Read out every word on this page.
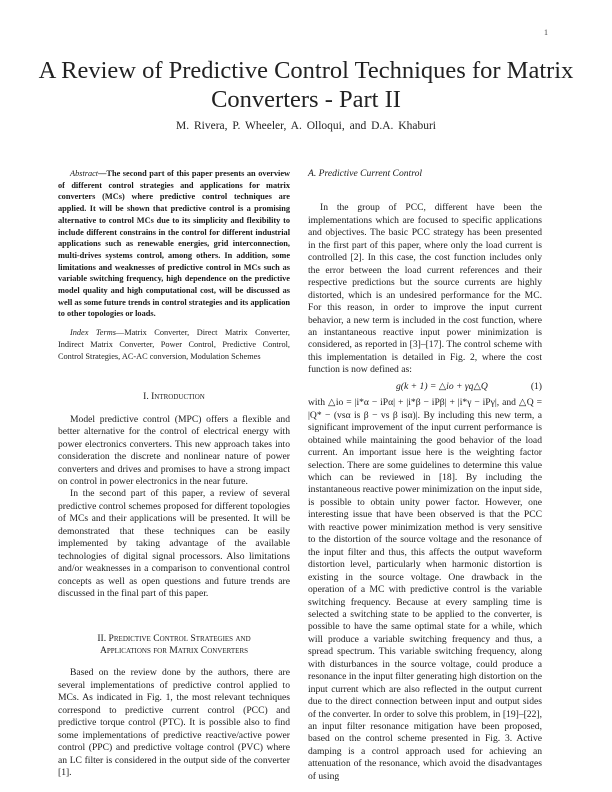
1
A Review of Predictive Control Techniques for Matrix Converters - Part II
M. Rivera, P. Wheeler, A. Olloqui, and D.A. Khaburi

Abstract—The second part of this paper presents an overview of different control strategies and applications for matrix converters (MCs) where predictive control techniques are applied. It will be shown that predictive control is a promising alternative to control MCs due to its simplicity and flexibility to include different constrains in the control for different industrial applications such as renewable energies, grid interconnection, multi-drives systems control, among others. In addition, some limitations and weaknesses of predictive control in MCs such as variable switching frequency, high dependence on the predictive model quality and high computational cost, will be discussed as well as some future trends in control strategies and its application to other topologies or loads.

Index Terms—Matrix Converter, Direct Matrix Converter, Indirect Matrix Converter, Power Control, Predictive Control, Control Strategies, AC-AC conversion, Modulation Schemes

I. Introduction

Model predictive control (MPC) offers a flexible and better alternative for the control of electrical energy with power electronics converters. This new approach takes into consideration the discrete and nonlinear nature of power converters and drives and promises to have a strong impact on control in power electronics in the near future.

In the second part of this paper, a review of several predictive control schemes proposed for different topologies of MCs and their applications will be presented. It will be demonstrated that these techniques can be easily implemented by taking advantage of the available technologies of digital signal processors. Also limitations and/or weaknesses in a comparison to conventional control concepts as well as open questions and future trends are discussed in the final part of this paper.

II. Predictive Control Strategies and
Applications for Matrix Converters

Based on the review done by the authors, there are several implementations of predictive control applied to MCs. As indicated in Fig. 1, the most relevant techniques correspond to predictive current control (PCC) and predictive torque control (PTC). It is possible also to find some implementations of predictive reactive/active power control (PPC) and predictive voltage control (PVC) where an LC filter is considered in the output side of the converter [1].

A. Predictive Current Control

In the group of PCC, different have been the implementations which are focused to specific applications and objectives. The basic PCC strategy has been presented in the first part of this paper, where only the load current is controlled [2]. In this case, the cost function includes only the error between the load current references and their respective predictions but the source currents are highly distorted, which is an undesired performance for the MC. For this reason, in order to improve the input current behavior, a new term is included in the cost function, where an instantaneous reactive input power minimization is considered, as reported in [3]–[17]. The control scheme with this implementation is detailed in Fig. 2, where the cost function is now defined as:

g(k + 1) = △io + γq△Q	(1)

with △io = |i*α − iPα| + |i*β − iPβ| + |i*γ − iPγ|, and △Q = |Q* − (vsα is β − vs β isα)|. By including this new term, a significant improvement of the input current performance is obtained while maintaining the good behavior of the load current. An important issue here is the weighting factor selection. There are some guidelines to determine this value which can be reviewed in [18]. By including the instantaneous reactive power minimization on the input side, is possible to obtain unity power factor. However, one interesting issue that have been observed is that the PCC with reactive power minimization method is very sensitive to the distortion of the source voltage and the resonance of the input filter and thus, this affects the output waveform distortion level, particularly when harmonic distortion is existing in the source voltage. One drawback in the operation of a MC with predictive control is the variable switching frequency. Because at every sampling time is selected a switching state to be applied to the converter, is possible to have the same optimal state for a while, which will produce a variable switching frequency and thus, a spread spectrum. This variable switching frequency, along with disturbances in the source voltage, could produce a resonance in the input filter generating high distortion on the input current which are also reflected in the output current due to the direct connection between input and output sides of the converter. In order to solve this problem, in [19]–[22], an input filter resonance mitigation have been proposed, based on the control scheme presented in Fig. 3. Active damping is a control approach used for achieving an attenuation of the resonance, which avoid the disadvantages of using
